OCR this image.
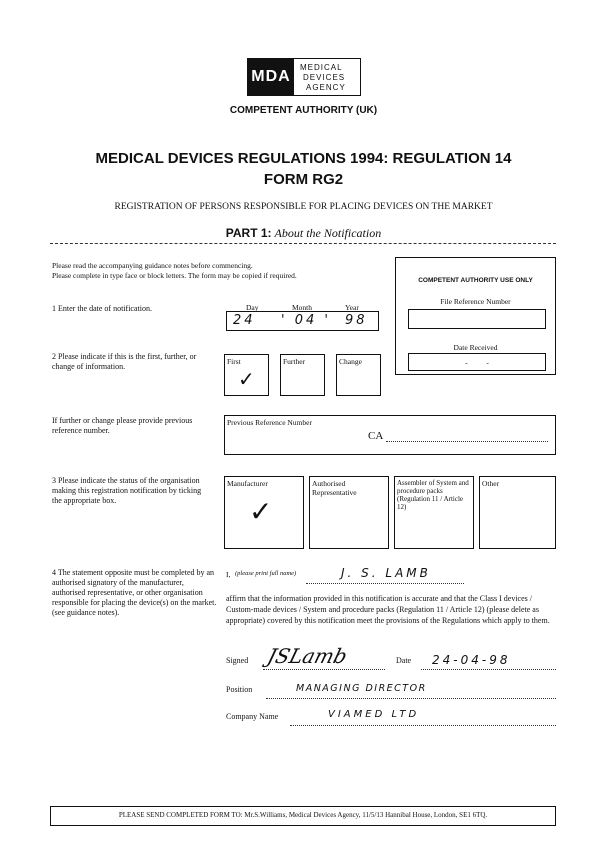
MDA
MEDICAL
DEVICES
AGENCY
COMPETENT AUTHORITY (UK)
MEDICAL DEVICES REGULATIONS 1994: REGULATION 14
FORM RG2
REGISTRATION OF PERSONS RESPONSIBLE FOR PLACING DEVICES ON THE MARKET
PART 1: About the Notification
Please read the accompanying guidance notes before commencing.
Please complete in type face or block letters. The form may be copied if required.
COMPETENT AUTHORITY USE ONLY
File Reference Number
Date Received
-          -
1 Enter the date of notification.	Day	Month	Year
24 ' 04 ' 98
2 Please indicate if this is the first, further, or change of information.
First
✓
Further	Change
If further or change please provide previous reference number.
Previous Reference Number
CA
3 Please indicate the status of the organisation making this registration notification by ticking the appropriate box.
Manufacturer
✓
Authorised Representative
Assembler of System and procedure packs (Regulation 11 / Article 12)
Other
4 The statement opposite must be completed by an authorised signatory of the manufacturer, authorised representative, or other organisation responsible for placing the device(s) on the market. (see guidance notes).
I, (please print full name)	J. S. LAMB
affirm that the information provided in this notification is accurate and that the Class I devices / Custom-made devices / System and procedure packs (Regulation 11 / Article 12) (please delete as appropriate) covered by this notification meet the provisions of the Regulations which apply to them.
Signed JSLamb	Date 24-04-98
Position	MANAGING DIRECTOR
Company Name	VIAMED LTD
PLEASE SEND COMPLETED FORM TO: Mr.S.Williams, Medical Devices Agency, 11/5/13 Hannibal House, London, SE1 6TQ.
